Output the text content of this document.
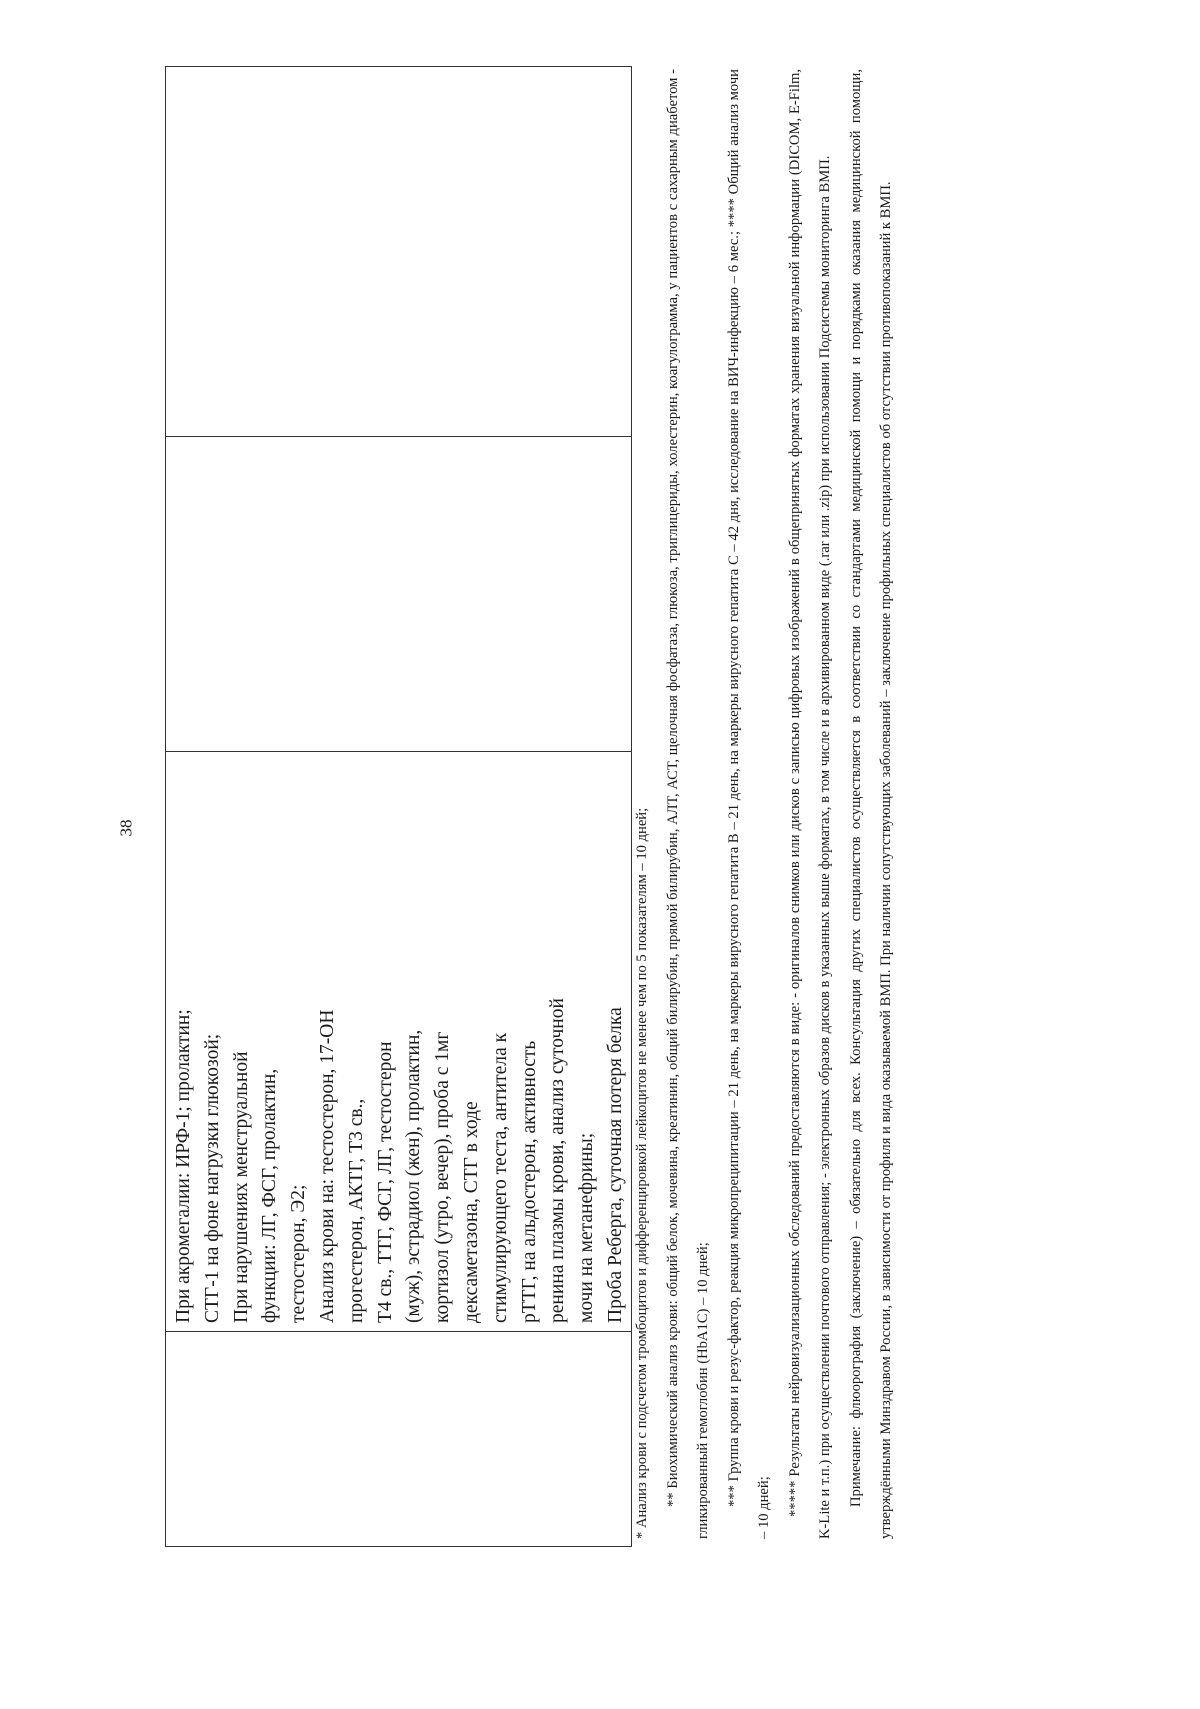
38

При акромегалии: ИРФ-1; пролактин; СТГ-1 на фоне нагрузки глюкозой; При нарушениях менструальной функции: ЛГ, ФСГ, пролактин, тестостерон, Э2; Анализ крови на: тестостерон, 17-ОН прогестерон, АКТГ, Т3 св., Т4 св., ТТГ, ФСГ, ЛГ, тестостерон (муж), эстрадиол (жен), пролактин, кортизол (утро, вечер), проба с 1мг дексаметазона, СТГ в ходе стимулирующего теста, антитела к рТТГ, на альдостерон, активность ренина плазмы крови, анализ суточной мочи на метанефрины; Проба Реберга, суточная потеря белка
		* Анализ крови с подсчетом тромбоцитов и дифференцировкой лейкоцитов не менее чем по 5 показателям – 10 дней; ** Биохимический анализ крови: общий белок, мочевина, креатинин, общий билирубин, прямой билирубин, АЛТ, АСТ, щелочная фосфатаза, глюкоза, триглицериды, холестерин, коагулограмма, у пациентов с сахарным диабетом - гликированный гемоглобин (HbA1C) – 10 дней; *** Группа крови и резус-фактор, реакция микропреципитации – 21 день, на маркеры вирусного гепатита В – 21 день, на маркеры вирусного гепатита С – 42 дня, исследование на ВИЧ-инфекцию – 6 мес.; **** Общий анализ мочи – 10 дней; ***** Результаты нейровизуализационных обследований предоставляются в виде: - оригиналов снимков или дисков с записью цифровых изображений в общепринятых форматах хранения визуальной информации (DICOM, E-Film, K-Lite и т.п.) при осуществлении почтового отправления; - электронных образов дисков в указанных выше форматах, в том числе и в архивированном виде (.rar или .zip) при использовании Подсистемы мониторинга ВМП. Примечание: флюорография (заключение) – обязательно для всех. Консультация других специалистов осуществляется в соответствии со стандартами медицинской помощи и порядками оказания медицинской помощи, утверждёнными Минздравом России, в зависимости от профиля и вида оказываемой ВМП. При наличии сопутствующих заболеваний – заключение профильных специалистов об отсутствии противопоказаний к ВМП.
